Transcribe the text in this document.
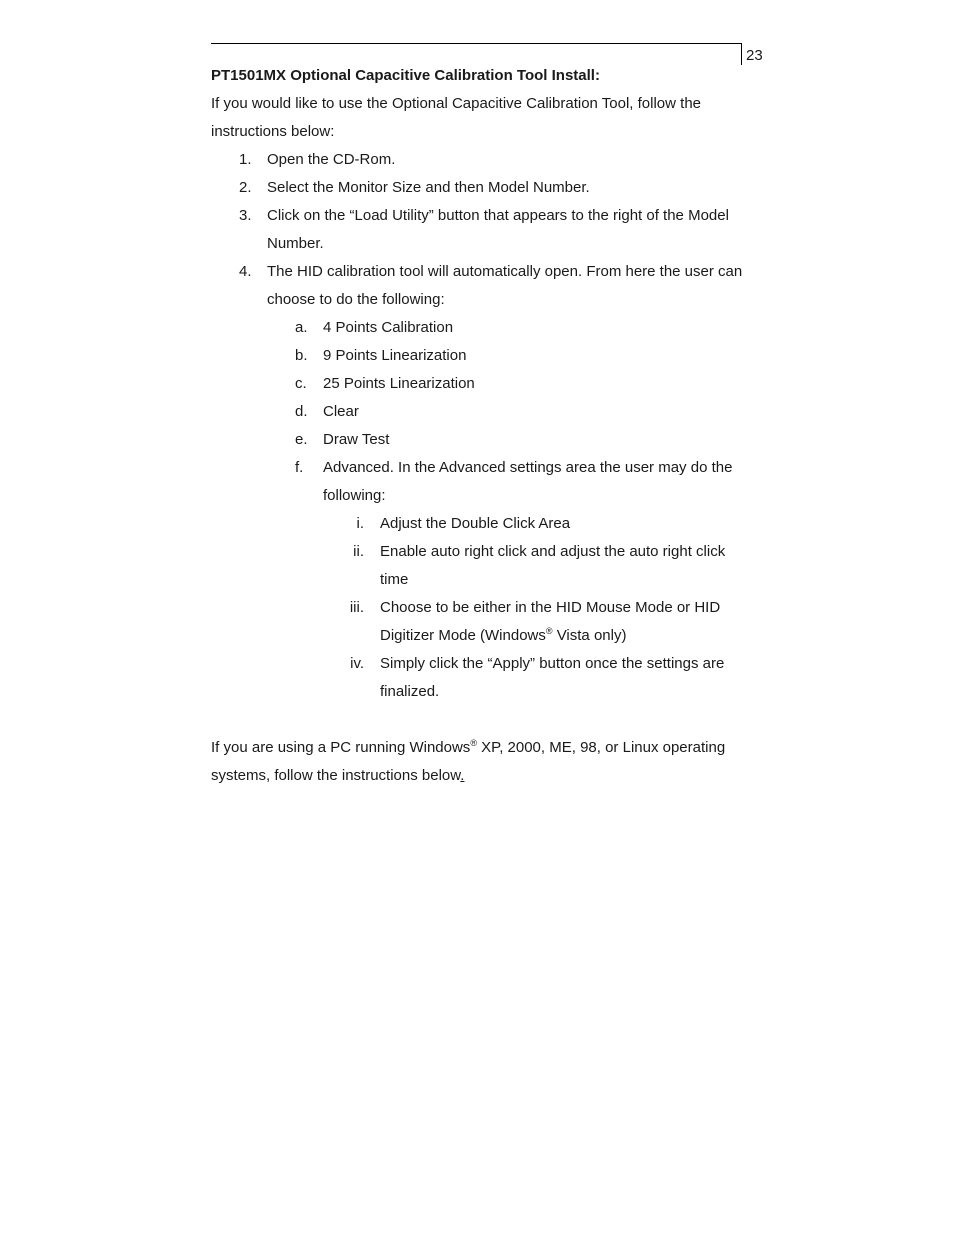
23

PT1501MX Optional Capacitive Calibration Tool Install:

If you would like to use the Optional Capacitive Calibration Tool, follow the instructions below:

1.	Open the CD-Rom.
2.	Select the Monitor Size and then Model Number.
3.	Click on the “Load Utility” button that appears to the right of the Model Number.
4.	The HID calibration tool will automatically open. From here the user can choose to do the following:
a.	4 Points Calibration
b.	9 Points Linearization
c.	25 Points Linearization
d.	Clear
e.	Draw Test
f.	Advanced. In the Advanced settings area the user may do the following:
i.	Adjust the Double Click Area
ii.	Enable auto right click and adjust the auto right click time
iii.	Choose to be either in the HID Mouse Mode or HID Digitizer Mode (Windows® Vista only)
iv.	Simply click the “Apply” button once the settings are finalized.

If you are using a PC running Windows® XP, 2000, ME, 98, or Linux operating systems, follow the instructions below.
